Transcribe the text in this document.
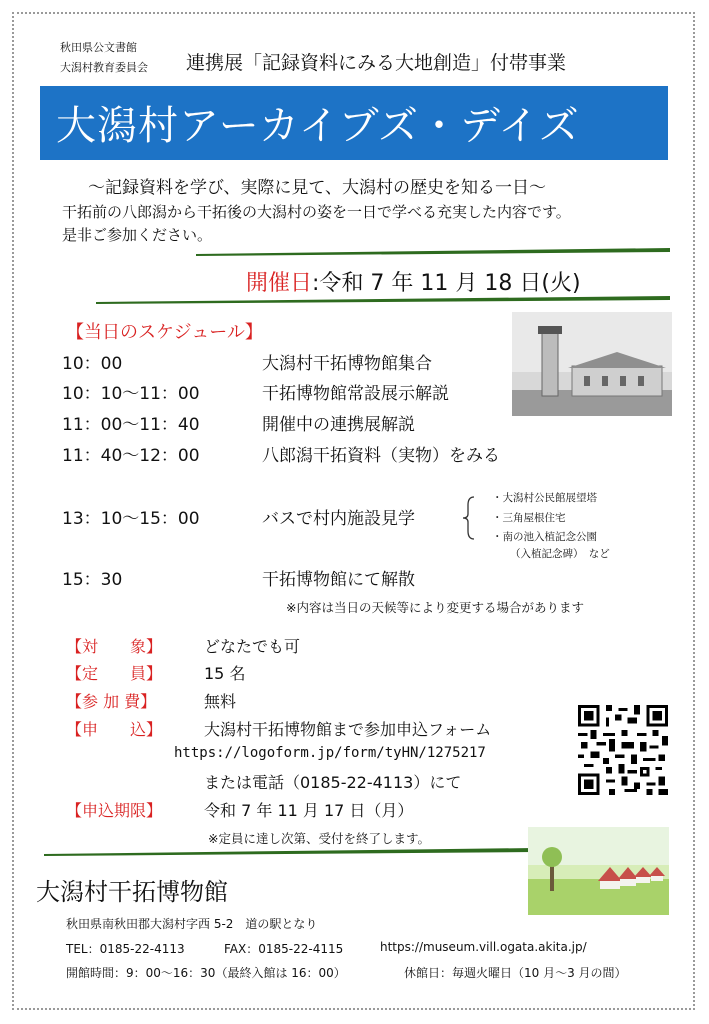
秋田県公文書館
大潟村教育委員会 連携展「記録資料にみる大地創造」付帯事業
大潟村アーカイブズ・デイズ
～記録資料を学び、実際に見て、大潟村の歴史を知る一日～
干拓前の八郎潟から干拓後の大潟村の姿を一日で学べる充実した内容です。
是非ご参加ください。
開催日:令和 7 年 11 月 18 日(火)
【当日のスケジュール】
10：00	大潟村干拓博物館集合
10：10～11：00	干拓博物館常設展示解説
11：00～11：40	開催中の連携展解説
11：40～12：00	八郎潟干拓資料（実物）をみる
13：10～15：00	バスで村内施設見学
・大潟村公民館展望塔
・三角屋根住宅
・南の池入植記念公園
（入植記念碑）　など
15：30	干拓博物館にて解散
※内容は当日の天候等により変更する場合があります
【対　　象】	どなたでも可
【定　　員】	15 名
【参 加 費】	無料
【申　　込】	大潟村干拓博物館まで参加申込フォーム
https://logoform.jp/form/tyHN/1275217
または電話（0185-22-4113）にて
【申込期限】	令和 7 年 11 月 17 日（月）
※定員に達し次第、受付を終了します。
大潟村干拓博物館
秋田県南秋田郡大潟村字西 5-2　道の駅となり
TEL：0185-22-4113	FAX：0185-22-4115	https://museum.vill.ogata.akita.jp/
開館時間：9：00～16：30（最終入館は 16：00）	休館日：毎週火曜日（10 月～3 月の間）
